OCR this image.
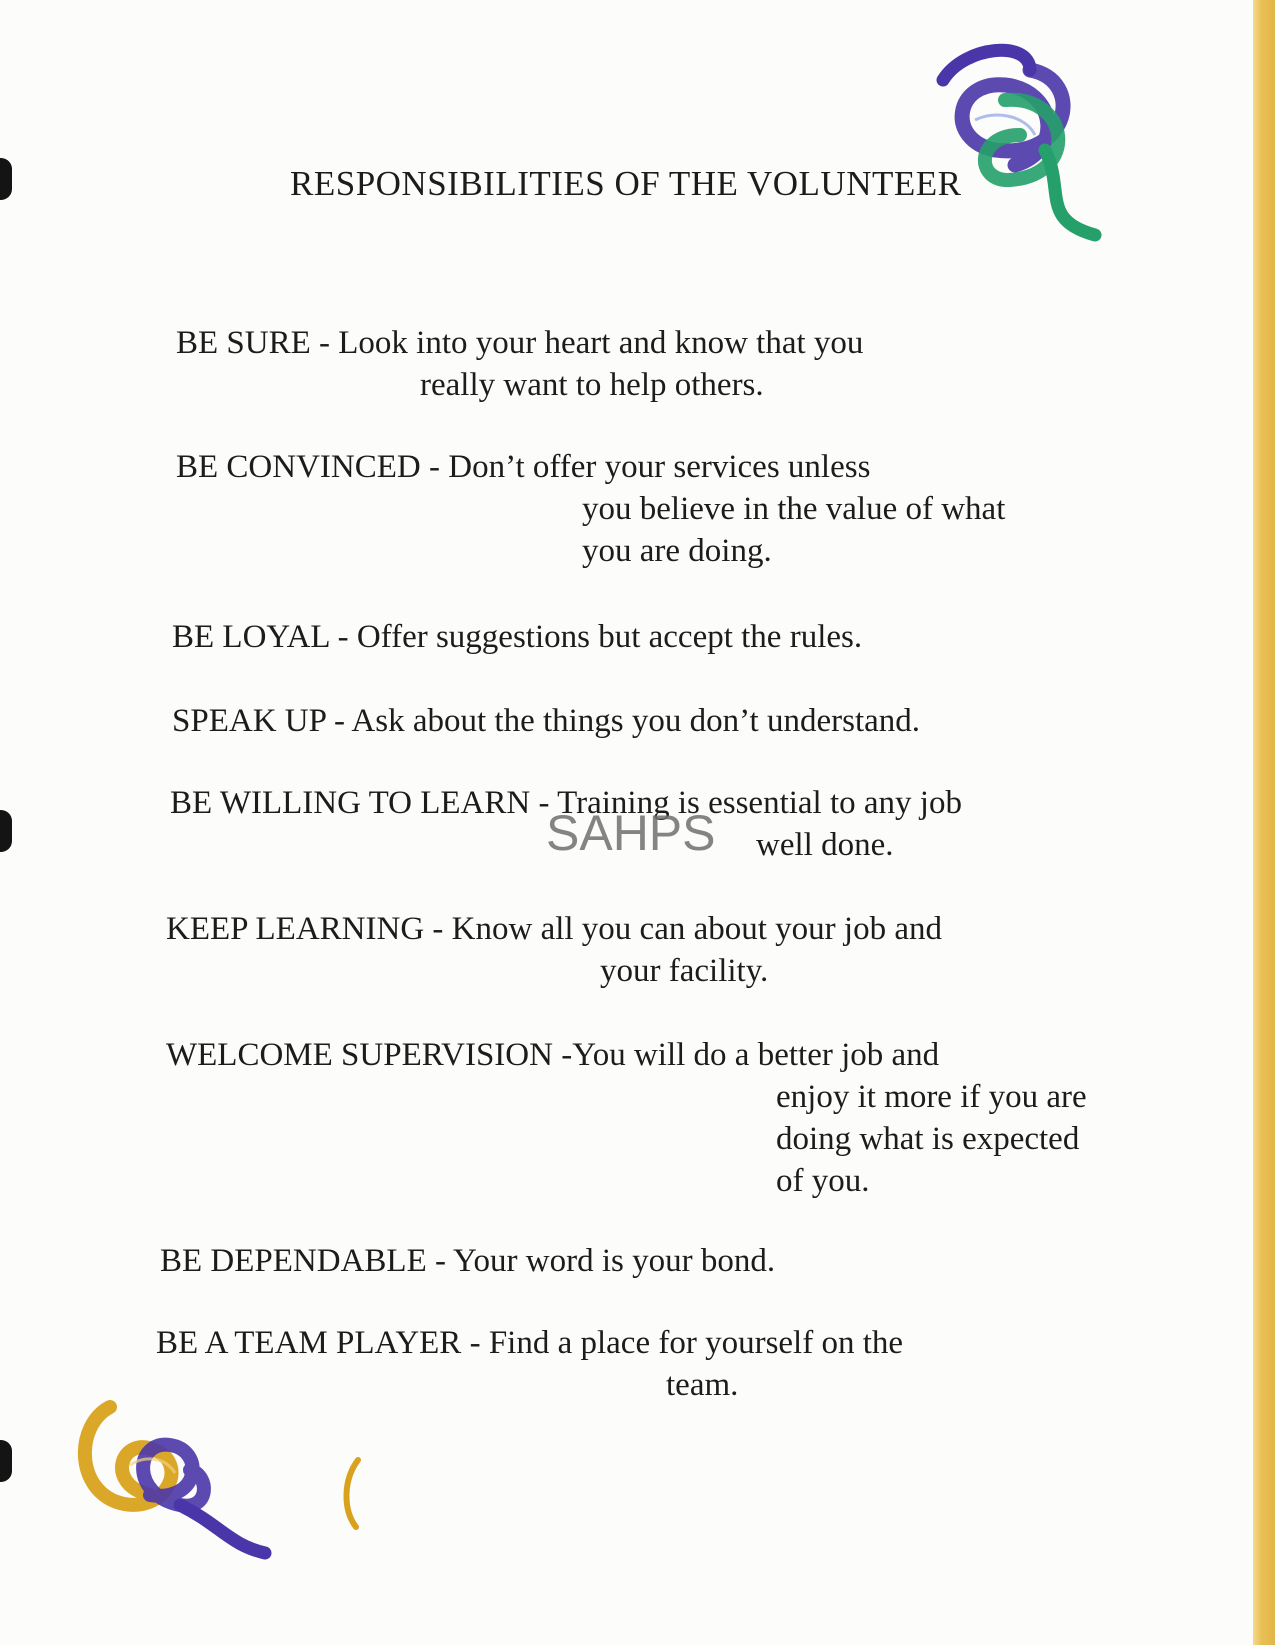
RESPONSIBILITIES OF THE VOLUNTEER
BE SURE - Look into your heart and know that you
really want to help others.
BE CONVINCED - Don’t offer your services unless
you believe in the value of what
you are doing.
BE LOYAL - Offer suggestions but accept the rules.
SPEAK UP - Ask about the things you don’t understand.
BE WILLING TO LEARN - Training is essential to any job
well done.
KEEP LEARNING - Know all you can about your job and
your facility.
WELCOME SUPERVISION -You will do a better job and
enjoy it more if you are
doing what is expected
of you.
BE DEPENDABLE - Your word is your bond.
BE A TEAM PLAYER - Find a place for yourself on the
team.
SAHPS
